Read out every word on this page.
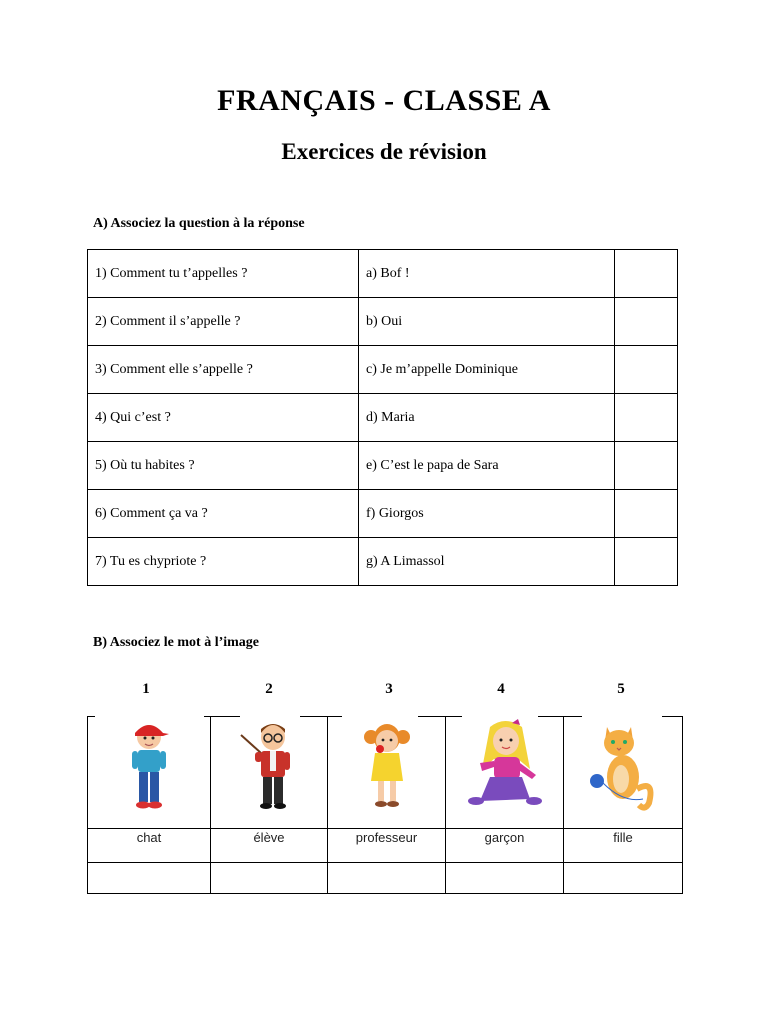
FRANÇAIS - CLASSE A
Exercices de révision
A) Associez la question à la réponse
1) Comment tu t’appelles ?	a) Bof !	
2) Comment il s’appelle ?	b) Oui	
3) Comment elle s’appelle ?	c) Je m’appelle Dominique	
4) Qui c’est ?	d) Maria	
5) Où tu habites ?	e) C’est le papa de Sara	
6) Comment ça va ?	f) Giorgos	
7) Tu es chypriote ?	g) A Limassol	
B) Associez le mot à l’image
1	2	3	4	5

chat	élève	professeur	garçon	fille
